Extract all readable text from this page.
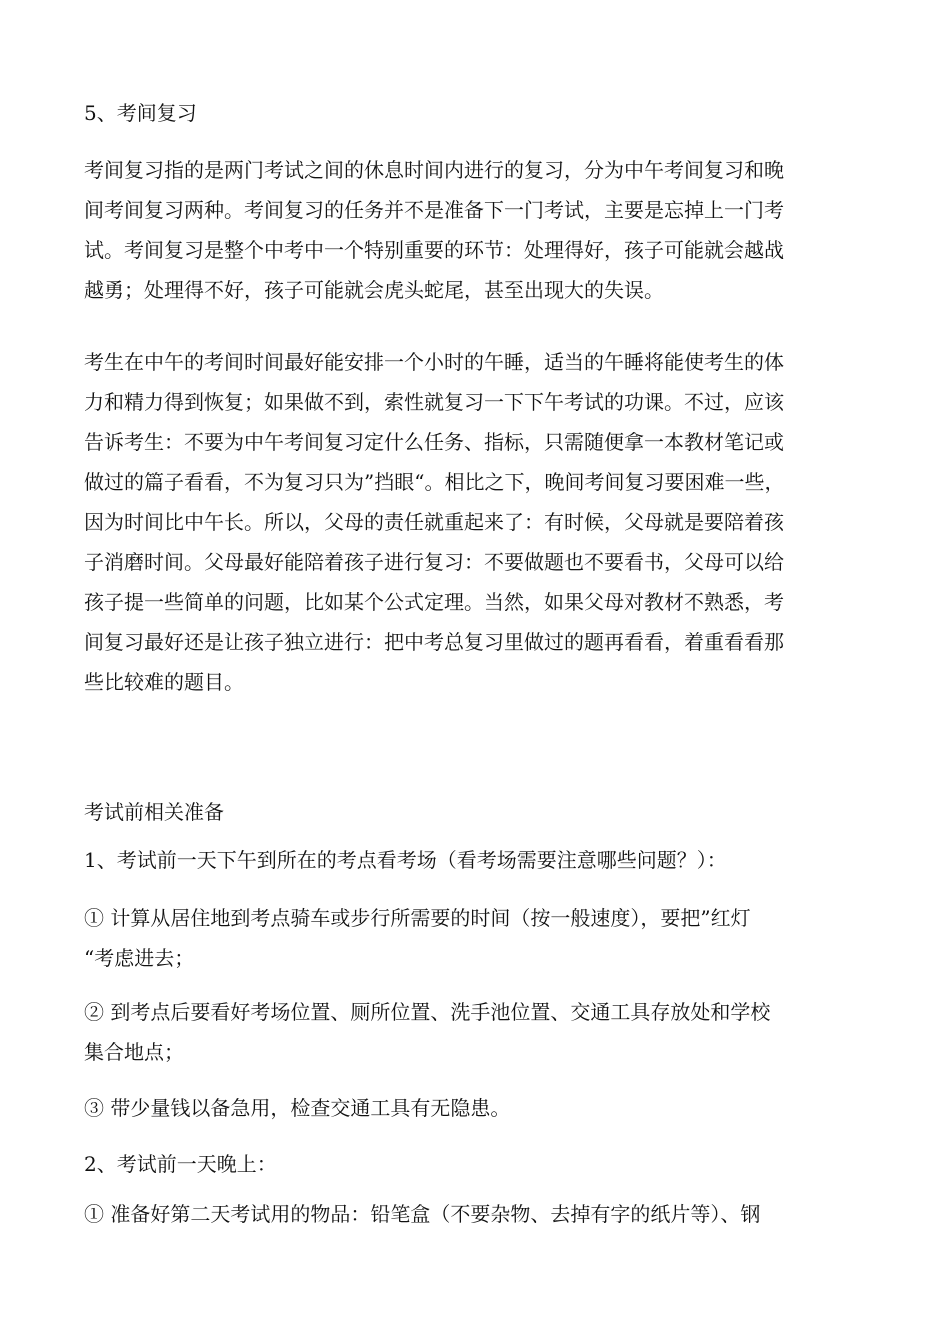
5、考间复习

考间复习指的是两门考试之间的休息时间内进行的复习，分为中午考间复习和晚
间考间复习两种。考间复习的任务并不是准备下一门考试，主要是忘掉上一门考
试。考间复习是整个中考中一个特别重要的环节：处理得好，孩子可能就会越战
越勇；处理得不好，孩子可能就会虎头蛇尾，甚至出现大的失误。

考生在中午的考间时间最好能安排一个小时的午睡，适当的午睡将能使考生的体
力和精力得到恢复；如果做不到，索性就复习一下下午考试的功课。不过，应该
告诉考生：不要为中午考间复习定什么任务、指标，只需随便拿一本教材笔记或
做过的篇子看看，不为复习只为”挡眼“。相比之下，晚间考间复习要困难一些，
因为时间比中午长。所以，父母的责任就重起来了：有时候，父母就是要陪着孩
子消磨时间。父母最好能陪着孩子进行复习：不要做题也不要看书，父母可以给
孩子提一些简单的问题，比如某个公式定理。当然，如果父母对教材不熟悉，考
间复习最好还是让孩子独立进行：把中考总复习里做过的题再看看，着重看看那
些比较难的题目。

考试前相关准备

1、考试前一天下午到所在的考点看考场（看考场需要注意哪些问题？）：

① 计算从居住地到考点骑车或步行所需要的时间（按一般速度），要把”红灯
“考虑进去；

② 到考点后要看好考场位置、厕所位置、洗手池位置、交通工具存放处和学校
集合地点；

③ 带少量钱以备急用，检查交通工具有无隐患。

2、考试前一天晚上：

① 准备好第二天考试用的物品：铅笔盒（不要杂物、去掉有字的纸片等）、钢
